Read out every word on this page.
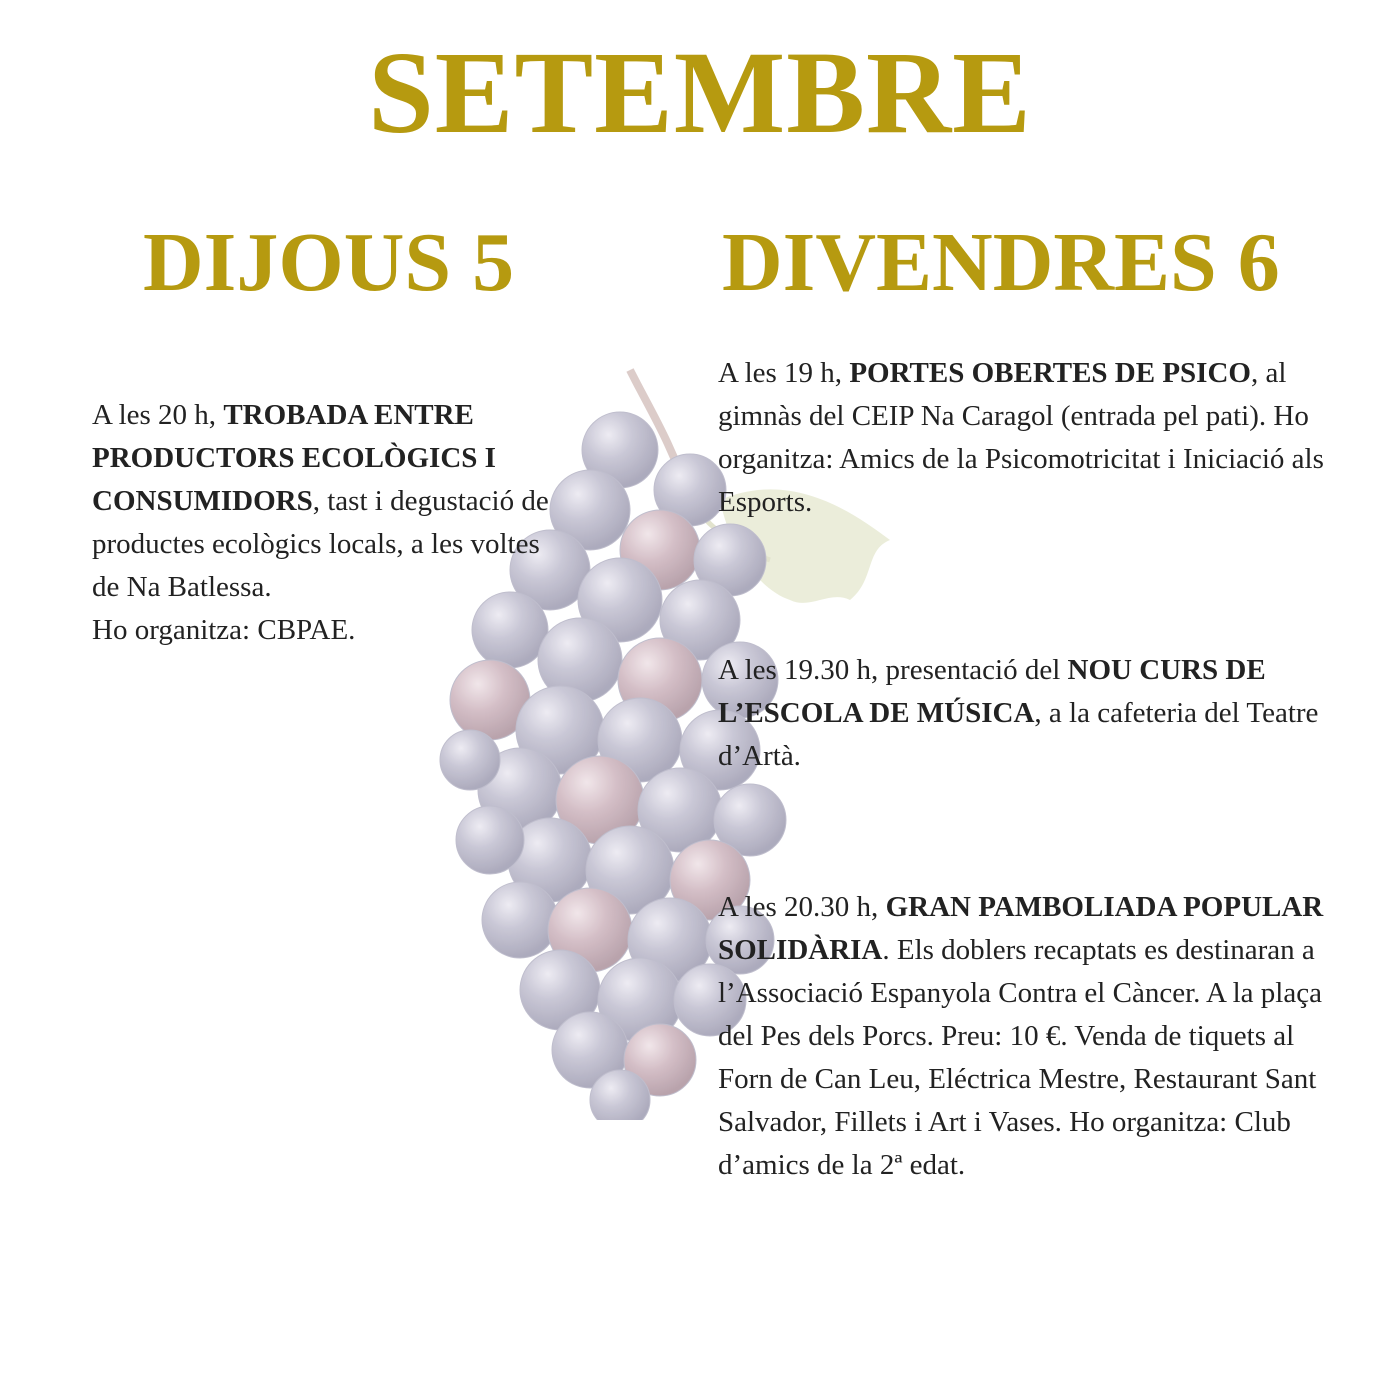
SETEMBRE
DIJOUS 5 DIVENDRES 6
A les 20 h, TROBADA ENTRE PRODUCTORS ECOLÒGICS I CONSUMIDORS, tast i degustació de productes ecològics locals, a les voltes de Na Batlessa.
Ho organitza: CBPAE.
A les 19 h, PORTES OBERTES DE PSICO, al gimnàs del CEIP Na Caragol (entrada pel pati). Ho organitza: Amics de la Psicomotricitat i Iniciació als Esports.
A les 19.30 h, presentació del NOU CURS DE L’ESCOLA DE MÚSICA, a la cafeteria del Teatre d’Artà.
A les 20.30 h, GRAN PAMBOLIADA POPULAR SOLIDÀRIA. Els doblers recaptats es destinaran a l’Associació Espanyola Contra el Càncer. A la plaça del Pes dels Porcs. Preu: 10 €. Venda de tiquets al Forn de Can Leu, Eléctrica Mestre, Restaurant Sant Salvador, Fillets i Art i Vases. Ho organitza: Club d’amics de la 2ª edat.
